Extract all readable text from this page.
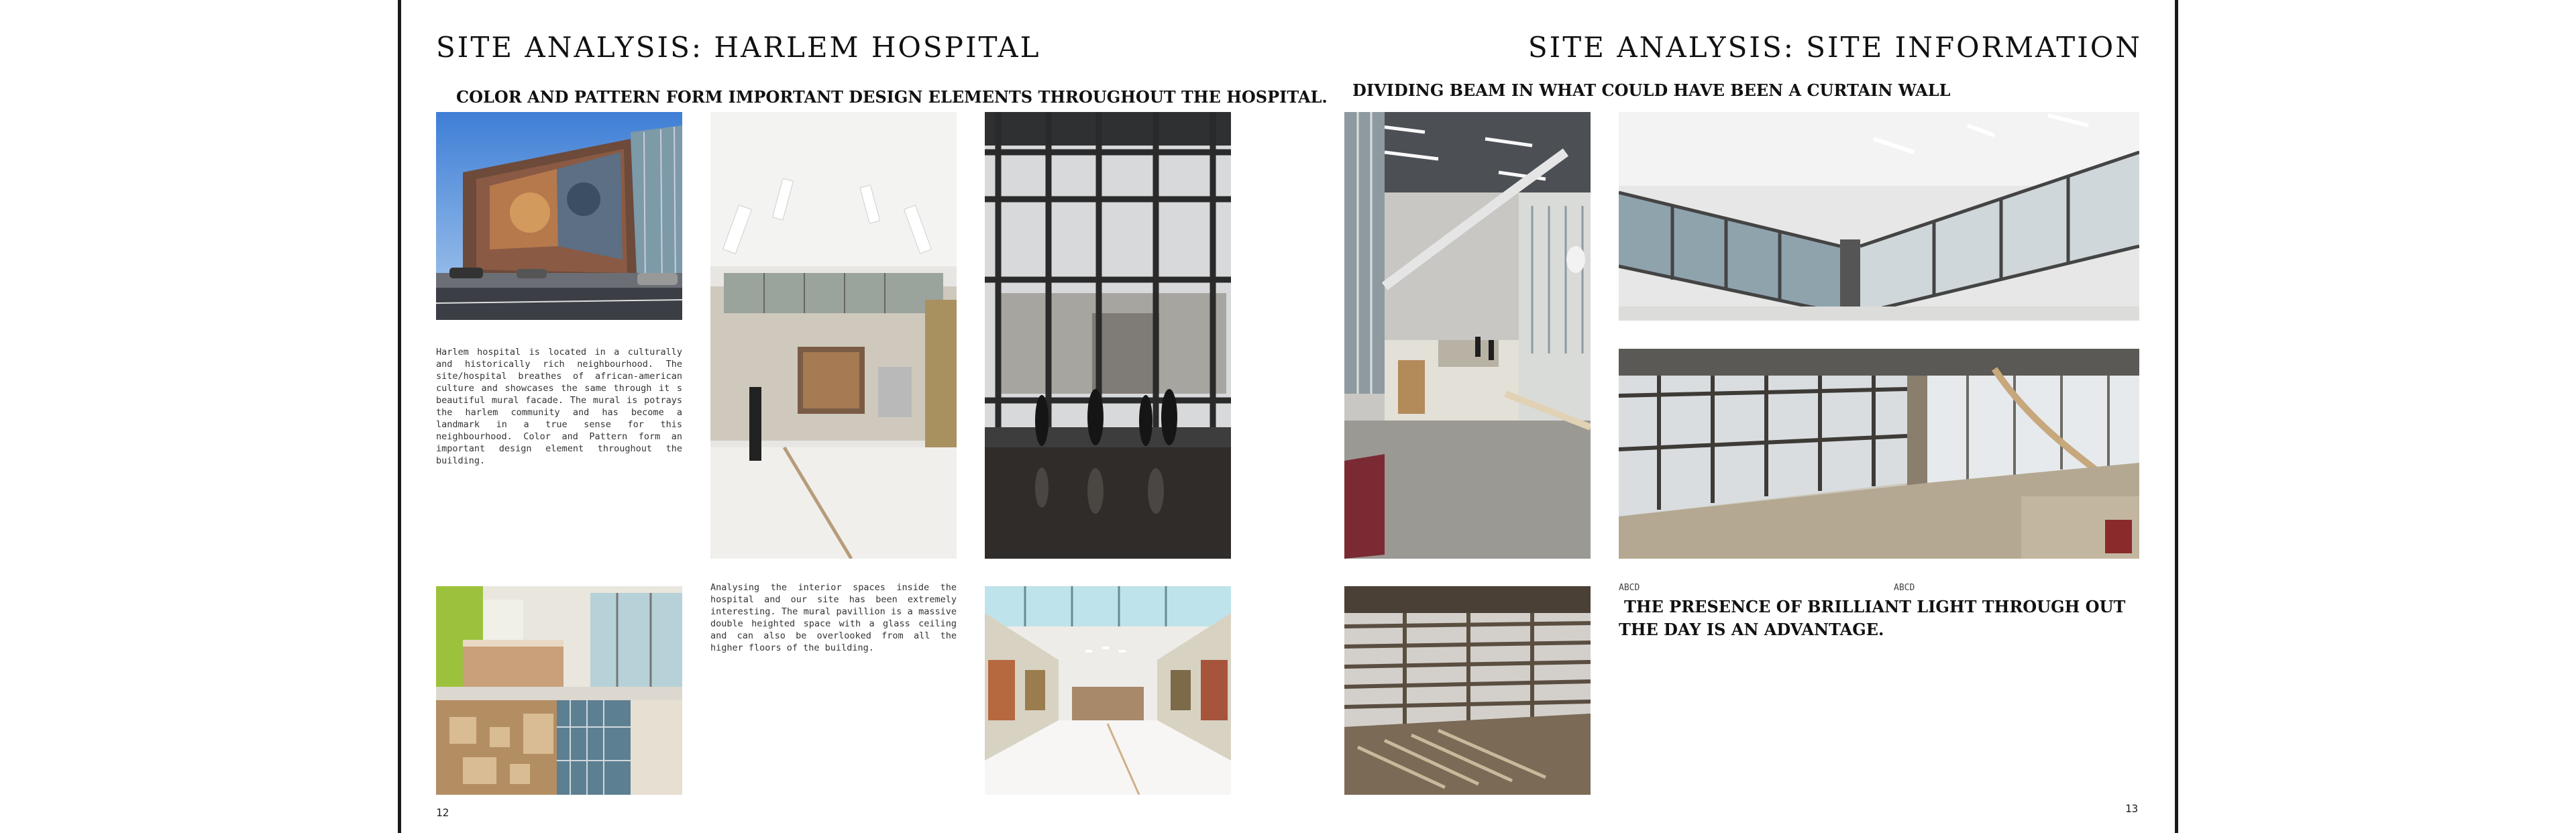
SITE ANALYSIS: HARLEM HOSPITAL
COLOR AND PATTERN FORM IMPORTANT DESIGN ELEMENTS THROUGHOUT THE HOSPITAL.
Harlem hospital is located in a culturally and historically rich neighbourhood. The site/hospital breathes of african-american culture and showcases the same through it s beautiful mural facade. The mural is potrays the harlem community and has become a landmark in a true sense for this neighbourhood. Color and Pattern form an important design element throughout the building.
Analysing the interior spaces inside the hospital and our site has been extremely interesting. The mural pavillion is a massive double heighted space with a glass ceiling and can also be overlooked from all the higher floors of the building.
12
SITE ANALYSIS: SITE INFORMATION
DIVIDING BEAM IN WHAT COULD HAVE BEEN A CURTAIN WALL
ABCD	ABCD
THE PRESENCE OF BRILLIANT LIGHT THROUGH OUT THE DAY IS AN ADVANTAGE.
13
